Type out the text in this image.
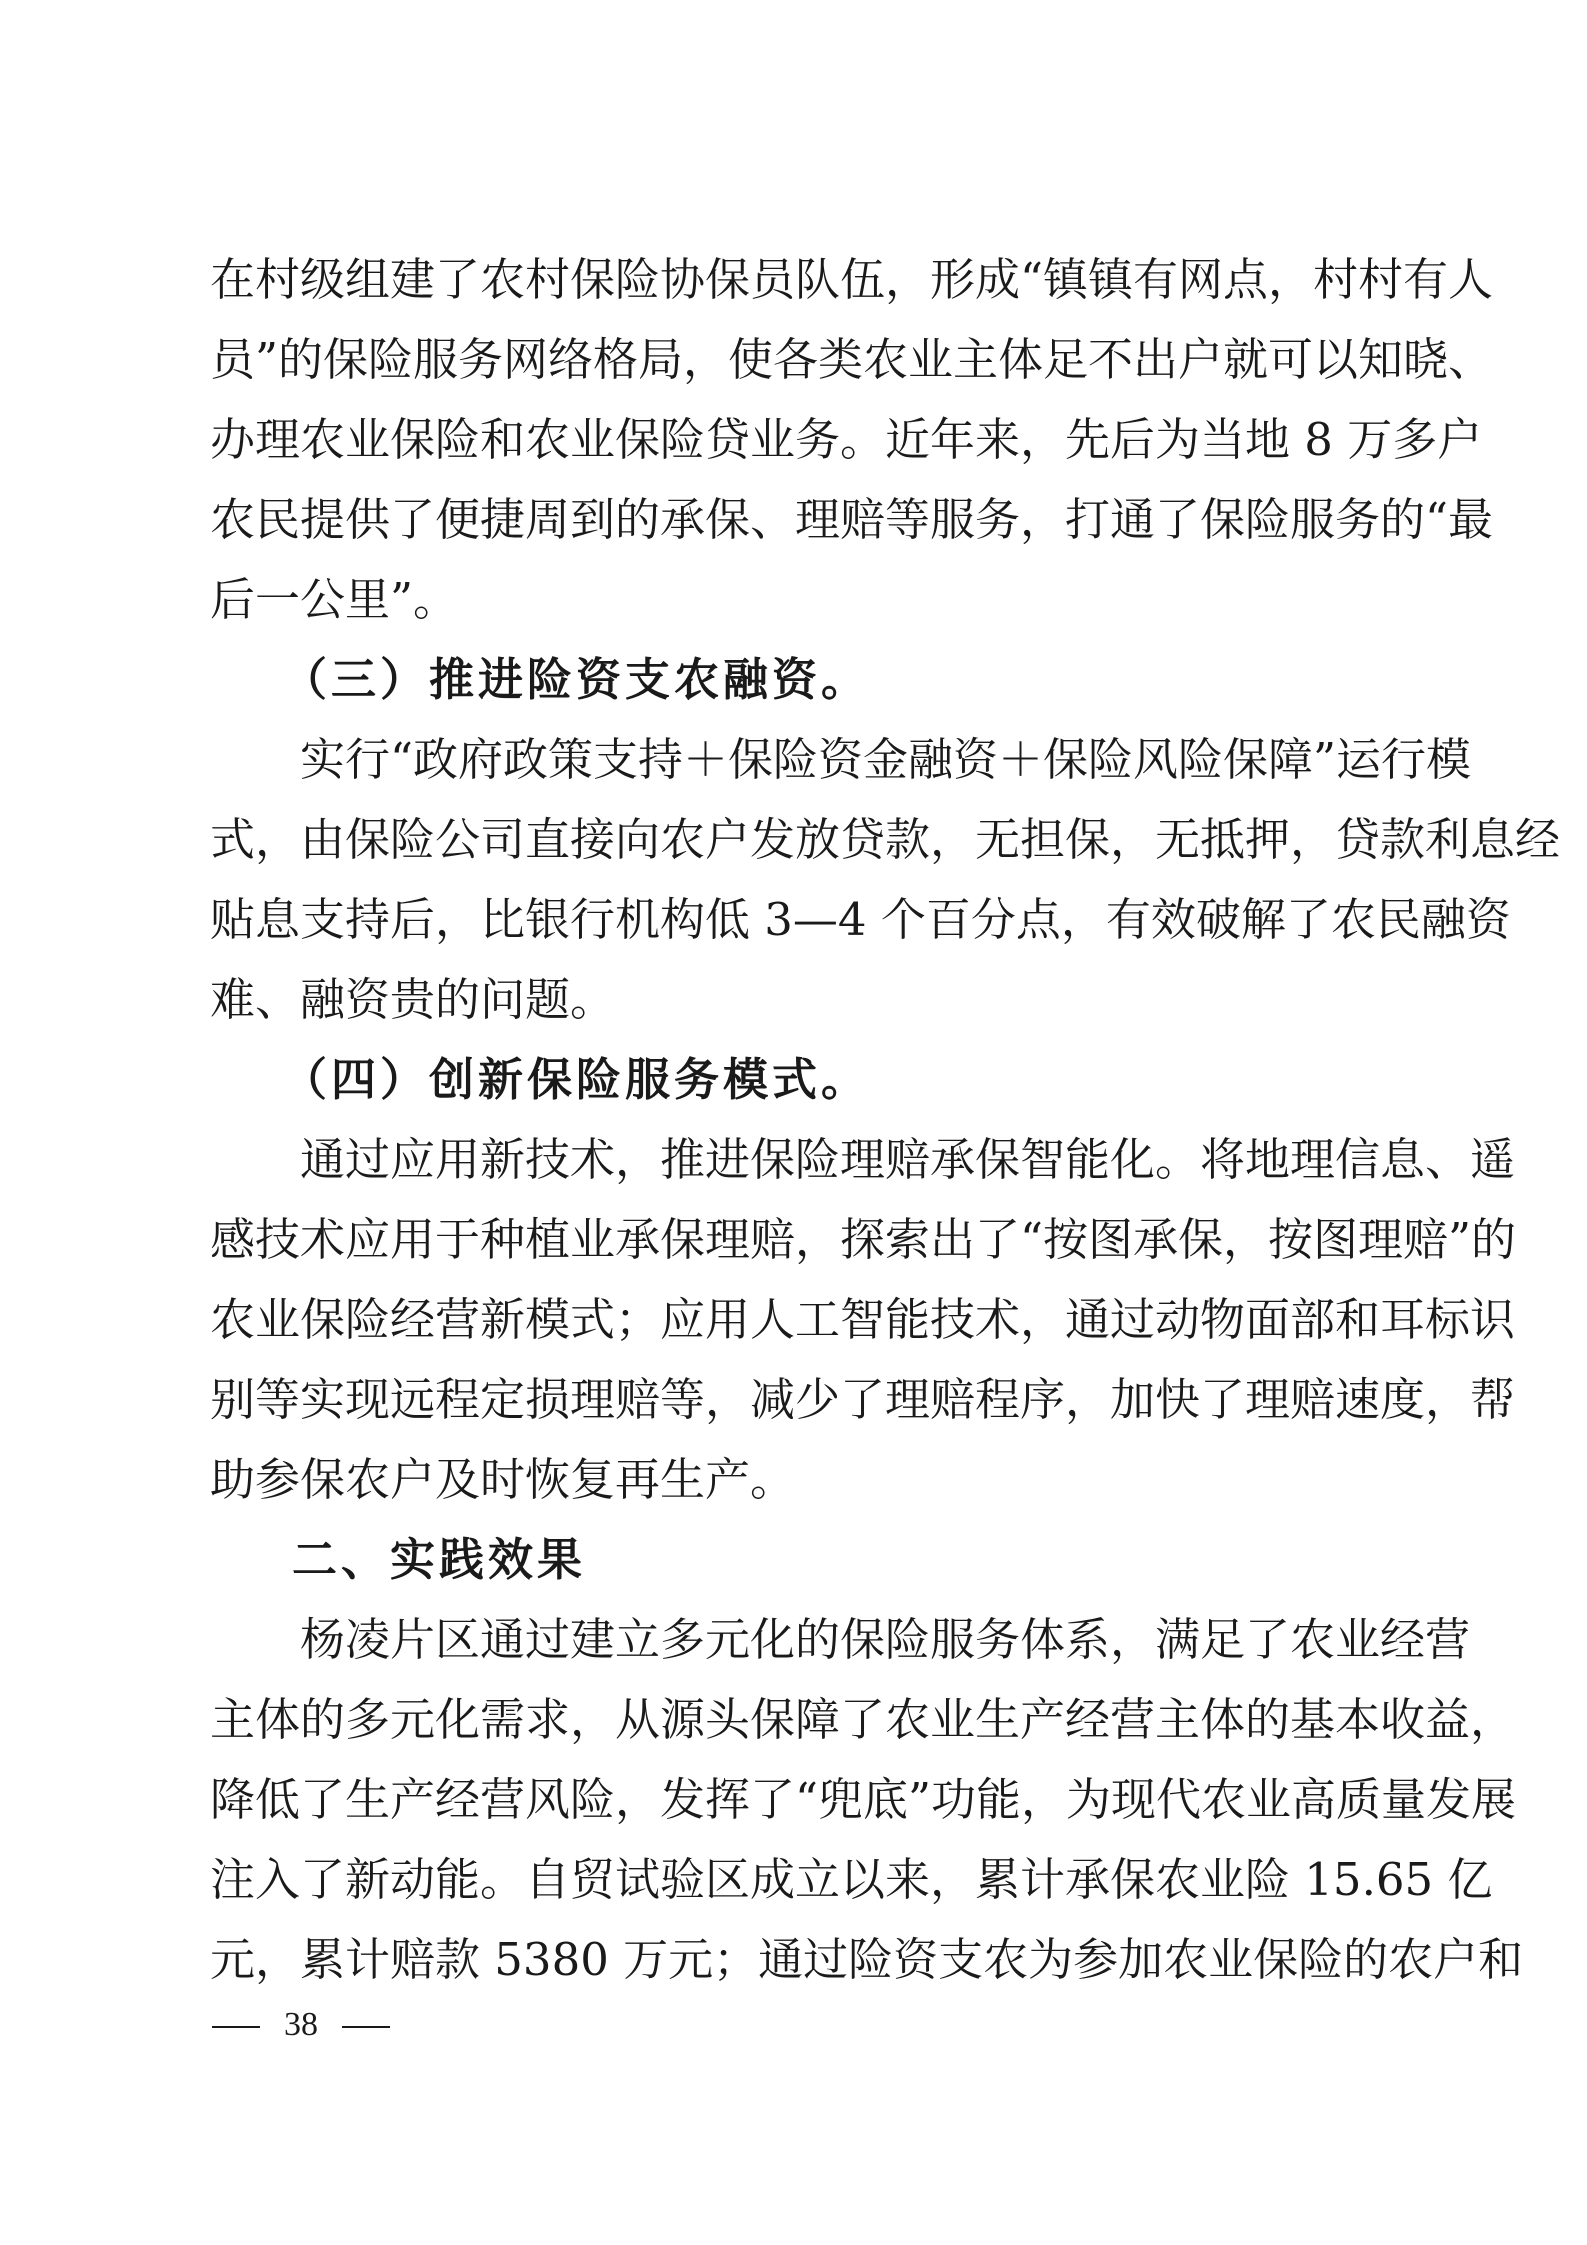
在村级组建了农村保险协保员队伍，形成“镇镇有网点，村村有人
员”的保险服务网络格局，使各类农业主体足不出户就可以知晓、
办理农业保险和农业保险贷业务。近年来，先后为当地 8 万多户
农民提供了便捷周到的承保、理赔等服务，打通了保险服务的“最
后一公里”。
（三）推进险资支农融资。
实行“政府政策支持＋保险资金融资＋保险风险保障”运行模
式，由保险公司直接向农户发放贷款，无担保，无抵押，贷款利息经
贴息支持后，比银行机构低 3—4 个百分点，有效破解了农民融资
难、融资贵的问题。
（四）创新保险服务模式。
通过应用新技术，推进保险理赔承保智能化。将地理信息、遥
感技术应用于种植业承保理赔，探索出了“按图承保，按图理赔”的
农业保险经营新模式；应用人工智能技术，通过动物面部和耳标识
别等实现远程定损理赔等，减少了理赔程序，加快了理赔速度，帮
助参保农户及时恢复再生产。
二、实践效果
杨凌片区通过建立多元化的保险服务体系，满足了农业经营
主体的多元化需求，从源头保障了农业生产经营主体的基本收益，
降低了生产经营风险，发挥了“兜底”功能，为现代农业高质量发展
注入了新动能。自贸试验区成立以来，累计承保农业险 15.65 亿
元，累计赔款 5380 万元；通过险资支农为参加农业保险的农户和
38
